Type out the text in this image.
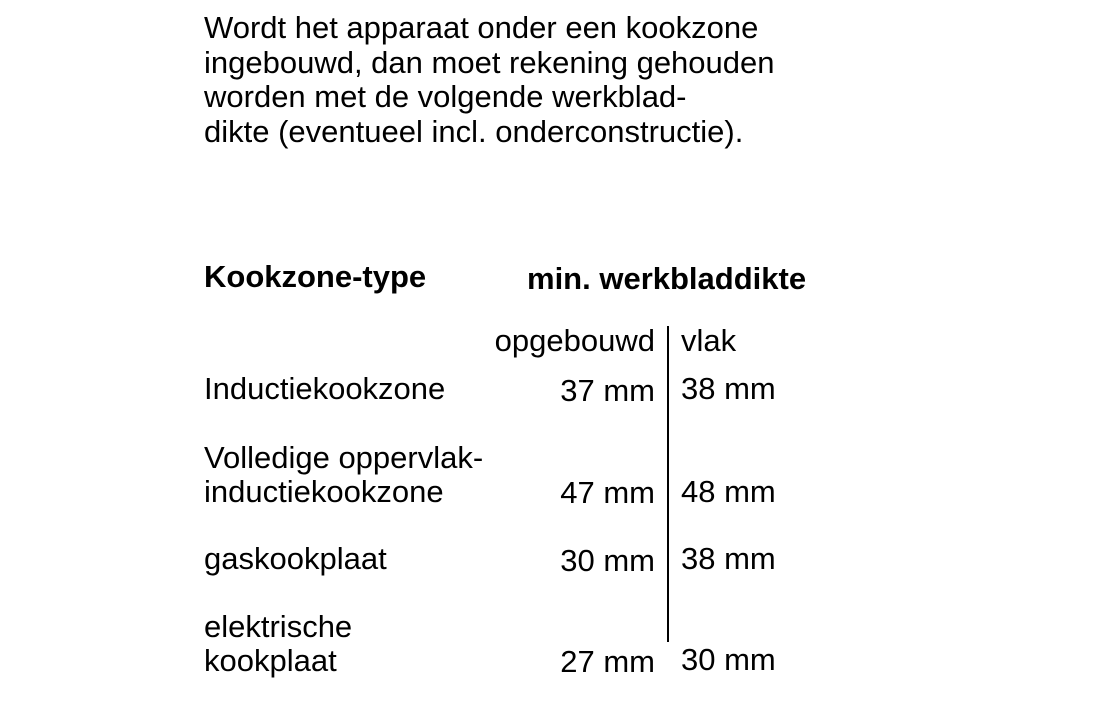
Wordt het apparaat onder een kookzone
ingebouwd, dan moet rekening gehouden
worden met de volgende werkblad-
dikte (eventueel incl. onderconstructie).
Kookzone-type	min. werkbladdikte
opgebouwd vlak
Inductiekookzone	37 mm 38 mm
Volledige oppervlak-
inductiekookzone	47 mm 48 mm
gaskookplaat	30 mm 38 mm
elektrische
kookplaat	27 mm 30 mm
